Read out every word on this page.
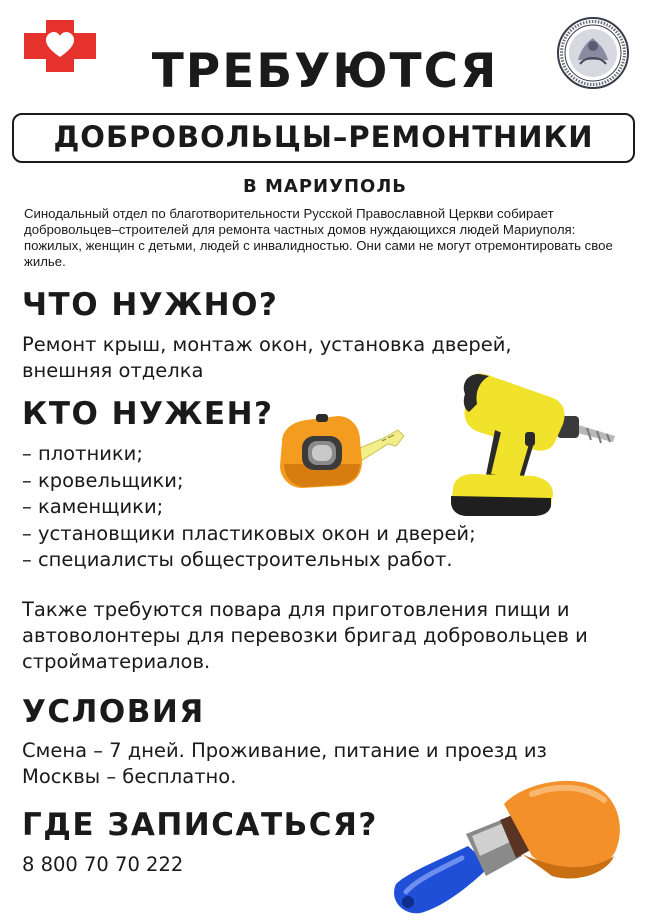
ТРЕБУЮТСЯ
ДОБРОВОЛЬЦЫ–РЕМОНТНИКИ
В МАРИУПОЛЬ
Синодальный отдел по благотворительности Русской Православной Церкви собирает добровольцев–строителей для ремонта частных домов нуждающихся людей Мариуполя: пожилых, женщин с детьми, людей с инвалидностью. Они сами не могут отремонтировать свое жилье.
ЧТО НУЖНО?
Ремонт крыш, монтаж окон, установка дверей, внешняя отделка
КТО НУЖЕН?
– плотники;
– кровельщики;
– каменщики;
– установщики пластиковых окон и дверей;
– специалисты общестроительных работ.
Также требуются повара для приготовления пищи и автоволонтеры для перевозки бригад добровольцев и стройматериалов.
УСЛОВИЯ
Смена – 7 дней. Проживание, питание и проезд из Москвы – бесплатно.
ГДЕ ЗАПИСАТЬСЯ?
8 800 70 70 222
